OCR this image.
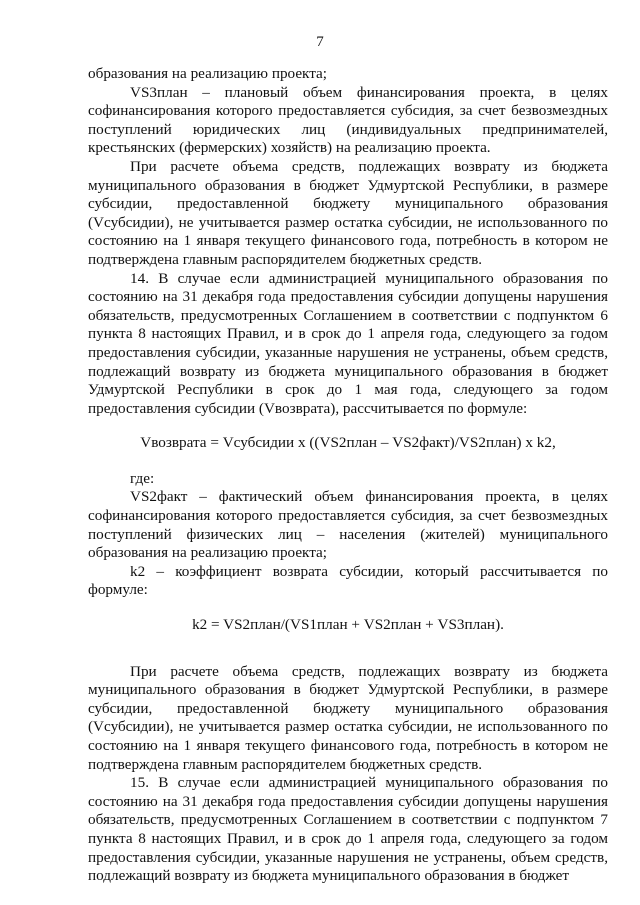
7

образования на реализацию проекта;

VS3план – плановый объем финансирования проекта, в целях софинансирования которого предоставляется субсидия, за счет безвозмездных поступлений юридических лиц (индивидуальных предпринимателей, крестьянских (фермерских) хозяйств) на реализацию проекта.

При расчете объема средств, подлежащих возврату из бюджета муниципального образования в бюджет Удмуртской Республики, в размере субсидии, предоставленной бюджету муниципального образования (Vсубсидии), не учитывается размер остатка субсидии, не использованного по состоянию на 1 января текущего финансового года, потребность в котором не подтверждена главным распорядителем бюджетных средств.

14. В случае если администрацией муниципального образования по состоянию на 31 декабря года предоставления субсидии допущены нарушения обязательств, предусмотренных Соглашением в соответствии с подпунктом 6 пункта 8 настоящих Правил, и в срок до 1 апреля года, следующего за годом предоставления субсидии, указанные нарушения не устранены, объем средств, подлежащий возврату из бюджета муниципального образования в бюджет Удмуртской Республики в срок до 1 мая года, следующего за годом предоставления субсидии (Vвозврата), рассчитывается по формуле:

Vвозврата = Vсубсидии x ((VS2план – VS2факт)/VS2план) x k2,

где:

VS2факт – фактический объем финансирования проекта, в целях софинансирования которого предоставляется субсидия, за счет безвозмездных поступлений физических лиц – населения (жителей) муниципального образования на реализацию проекта;

k2 – коэффициент возврата субсидии, который рассчитывается по формуле:

k2 = VS2план/(VS1план + VS2план + VS3план).

При расчете объема средств, подлежащих возврату из бюджета муниципального образования в бюджет Удмуртской Республики, в размере субсидии, предоставленной бюджету муниципального образования (Vсубсидии), не учитывается размер остатка субсидии, не использованного по состоянию на 1 января текущего финансового года, потребность в котором не подтверждена главным распорядителем бюджетных средств.

15. В случае если администрацией муниципального образования по состоянию на 31 декабря года предоставления субсидии допущены нарушения обязательств, предусмотренных Соглашением в соответствии с подпунктом 7 пункта 8 настоящих Правил, и в срок до 1 апреля года, следующего за годом предоставления субсидии, указанные нарушения не устранены, объем средств, подлежащий возврату из бюджета муниципального образования в бюджет
